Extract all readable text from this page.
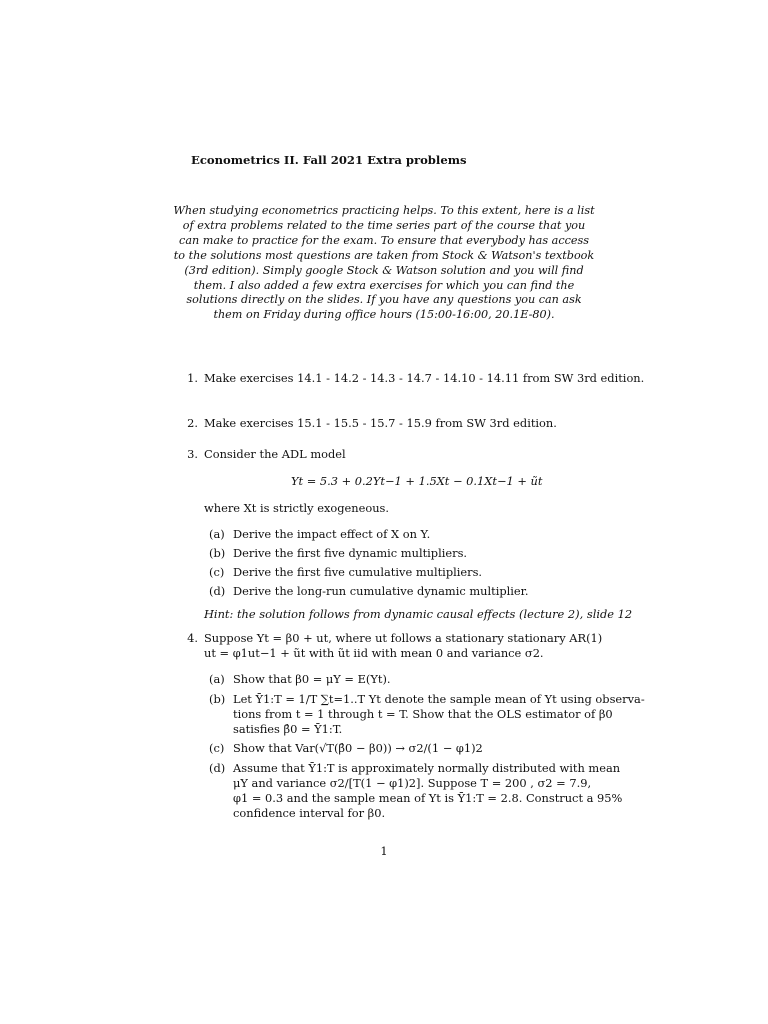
Econometrics II. Fall 2021 Extra problems
When studying econometrics practicing helps. To this extent, here is a list of extra problems related to the time series part of the course that you can make to practice for the exam. To ensure that everybody has access to the solutions most questions are taken from Stock & Watson's textbook (3rd edition). Simply google Stock & Watson solution and you will find them. I also added a few extra exercises for which you can find the solutions directly on the slides. If you have any questions you can ask them on Friday during office hours (15:00-16:00, 20.1E-80).
1. Make exercises 14.1 - 14.2 - 14.3 - 14.7 - 14.10 - 14.11 from SW 3rd edition.
2. Make exercises 15.1 - 15.5 - 15.7 - 15.9 from SW 3rd edition.
3. Consider the ADL model
Yt = 5.3 + 0.2Yt−1 + 1.5Xt − 0.1Xt−1 + ũt
where Xt is strictly exogeneous.
(a) Derive the impact effect of X on Y.
(b) Derive the first five dynamic multipliers.
(c) Derive the first five cumulative multipliers.
(d) Derive the long-run cumulative dynamic multiplier.
Hint: the solution follows from dynamic causal effects (lecture 2), slide 12
4. Suppose Yt = β0 + ut, where ut follows a stationary stationary AR(1)
ut = φ1ut−1 + ũt with ũt iid with mean 0 and variance σ2.
(a) Show that β0 = μY = E(Yt).
(b) Let Ȳ1:T = 1/T ∑t=1..T Yt denote the sample mean of Yt using observa-
tions from t = 1 through t = T. Show that the OLS estimator of β0
satisfies β̂0 = Ȳ1:T.
(c) Show that Var(√T(β̂0 − β0)) → σ2/(1 − φ1)2
(d) Assume that Ȳ1:T is approximately normally distributed with mean
μY and variance σ2/[T(1 − φ1)2]. Suppose T = 200 , σ2 = 7.9,
φ1 = 0.3 and the sample mean of Yt is Ȳ1:T = 2.8. Construct a 95%
confidence interval for β0.
1
